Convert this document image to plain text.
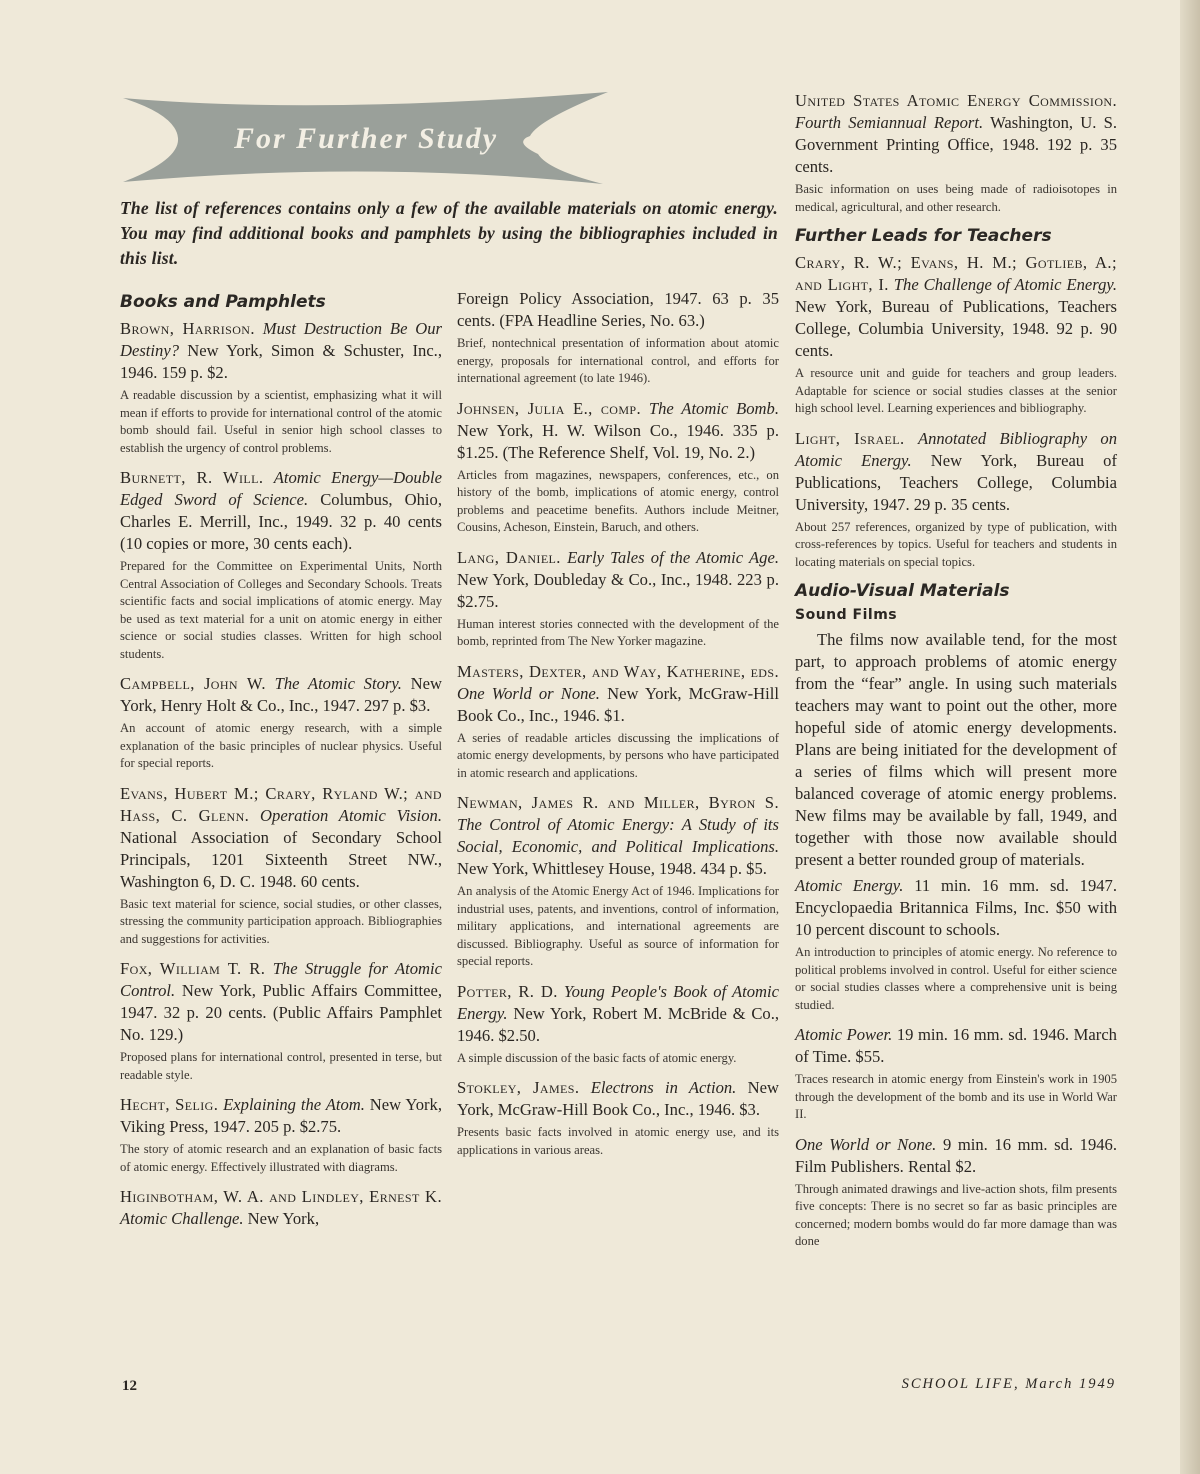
For Further Study
The list of references contains only a few of the available materials on atomic energy. You may find additional books and pamphlets by using the bibliographies included in this list.
Books and Pamphlets

Brown, Harrison. Must Destruction Be Our Destiny? New York, Simon & Schuster, Inc., 1946. 159 p. $2.

A readable discussion by a scientist, emphasizing what it will mean if efforts to provide for international control of the atomic bomb should fail. Useful in senior high school classes to establish the urgency of control problems.

Burnett, R. Will. Atomic Energy—Double Edged Sword of Science. Columbus, Ohio, Charles E. Merrill, Inc., 1949. 32 p. 40 cents (10 copies or more, 30 cents each).

Prepared for the Committee on Experimental Units, North Central Association of Colleges and Secondary Schools. Treats scientific facts and social implications of atomic energy. May be used as text material for a unit on atomic energy in either science or social studies classes. Written for high school students.

Campbell, John W. The Atomic Story. New York, Henry Holt & Co., Inc., 1947. 297 p. $3.

An account of atomic energy research, with a simple explanation of the basic principles of nuclear physics. Useful for special reports.

Evans, Hubert M.; Crary, Ryland W.; and Hass, C. Glenn. Operation Atomic Vision. National Association of Secondary School Principals, 1201 Sixteenth Street NW., Washington 6, D. C. 1948. 60 cents.

Basic text material for science, social studies, or other classes, stressing the community participation approach. Bibliographies and suggestions for activities.

Fox, William T. R. The Struggle for Atomic Control. New York, Public Affairs Committee, 1947. 32 p. 20 cents. (Public Affairs Pamphlet No. 129.)

Proposed plans for international control, presented in terse, but readable style.

Hecht, Selig. Explaining the Atom. New York, Viking Press, 1947. 205 p. $2.75.

The story of atomic research and an explanation of basic facts of atomic energy. Effectively illustrated with diagrams.

Higinbotham, W. A. and Lindley, Ernest K. Atomic Challenge. New York,

Foreign Policy Association, 1947. 63 p. 35 cents. (FPA Headline Series, No. 63.)

Brief, nontechnical presentation of information about atomic energy, proposals for international control, and efforts for international agreement (to late 1946).

Johnsen, Julia E., comp. The Atomic Bomb. New York, H. W. Wilson Co., 1946. 335 p. $1.25. (The Reference Shelf, Vol. 19, No. 2.)

Articles from magazines, newspapers, conferences, etc., on history of the bomb, implications of atomic energy, control problems and peacetime benefits. Authors include Meitner, Cousins, Acheson, Einstein, Baruch, and others.

Lang, Daniel. Early Tales of the Atomic Age. New York, Doubleday & Co., Inc., 1948. 223 p. $2.75.

Human interest stories connected with the development of the bomb, reprinted from The New Yorker magazine.

Masters, Dexter, and Way, Katherine, eds. One World or None. New York, McGraw-Hill Book Co., Inc., 1946. $1.

A series of readable articles discussing the implications of atomic energy developments, by persons who have participated in atomic research and applications.

Newman, James R. and Miller, Byron S. The Control of Atomic Energy: A Study of its Social, Economic, and Political Implications. New York, Whittlesey House, 1948. 434 p. $5.

An analysis of the Atomic Energy Act of 1946. Implications for industrial uses, patents, and inventions, control of information, military applications, and international agreements are discussed. Bibliography. Useful as source of information for special reports.

Potter, R. D. Young People's Book of Atomic Energy. New York, Robert M. McBride & Co., 1946. $2.50.

A simple discussion of the basic facts of atomic energy.

Stokley, James. Electrons in Action. New York, McGraw-Hill Book Co., Inc., 1946. $3.

Presents basic facts involved in atomic energy use, and its applications in various areas.

United States Atomic Energy Commission. Fourth Semiannual Report. Washington, U. S. Government Printing Office, 1948. 192 p. 35 cents.

Basic information on uses being made of radioisotopes in medical, agricultural, and other research.

Further Leads for Teachers

Crary, R. W.; Evans, H. M.; Gotlieb, A.; and Light, I. The Challenge of Atomic Energy. New York, Bureau of Publications, Teachers College, Columbia University, 1948. 92 p. 90 cents.

A resource unit and guide for teachers and group leaders. Adaptable for science or social studies classes at the senior high school level. Learning experiences and bibliography.

Light, Israel. Annotated Bibliography on Atomic Energy. New York, Bureau of Publications, Teachers College, Columbia University, 1947. 29 p. 35 cents.

About 257 references, organized by type of publication, with cross-references by topics. Useful for teachers and students in locating materials on special topics.

Audio-Visual Materials
Sound Films

The films now available tend, for the most part, to approach problems of atomic energy from the “fear” angle. In using such materials teachers may want to point out the other, more hopeful side of atomic energy developments. Plans are being initiated for the development of a series of films which will present more balanced coverage of atomic energy problems. New films may be available by fall, 1949, and together with those now available should present a better rounded group of materials.

Atomic Energy. 11 min. 16 mm. sd. 1947. Encyclopaedia Britannica Films, Inc. $50 with 10 percent discount to schools.

An introduction to principles of atomic energy. No reference to political problems involved in control. Useful for either science or social studies classes where a comprehensive unit is being studied.

Atomic Power. 19 min. 16 mm. sd. 1946. March of Time. $55.

Traces research in atomic energy from Einstein's work in 1905 through the development of the bomb and its use in World War II.

One World or None. 9 min. 16 mm. sd. 1946. Film Publishers. Rental $2.

Through animated drawings and live-action shots, film presents five concepts: There is no secret so far as basic principles are concerned; modern bombs would do far more damage than was done

12	SCHOOL LIFE, March 1949
